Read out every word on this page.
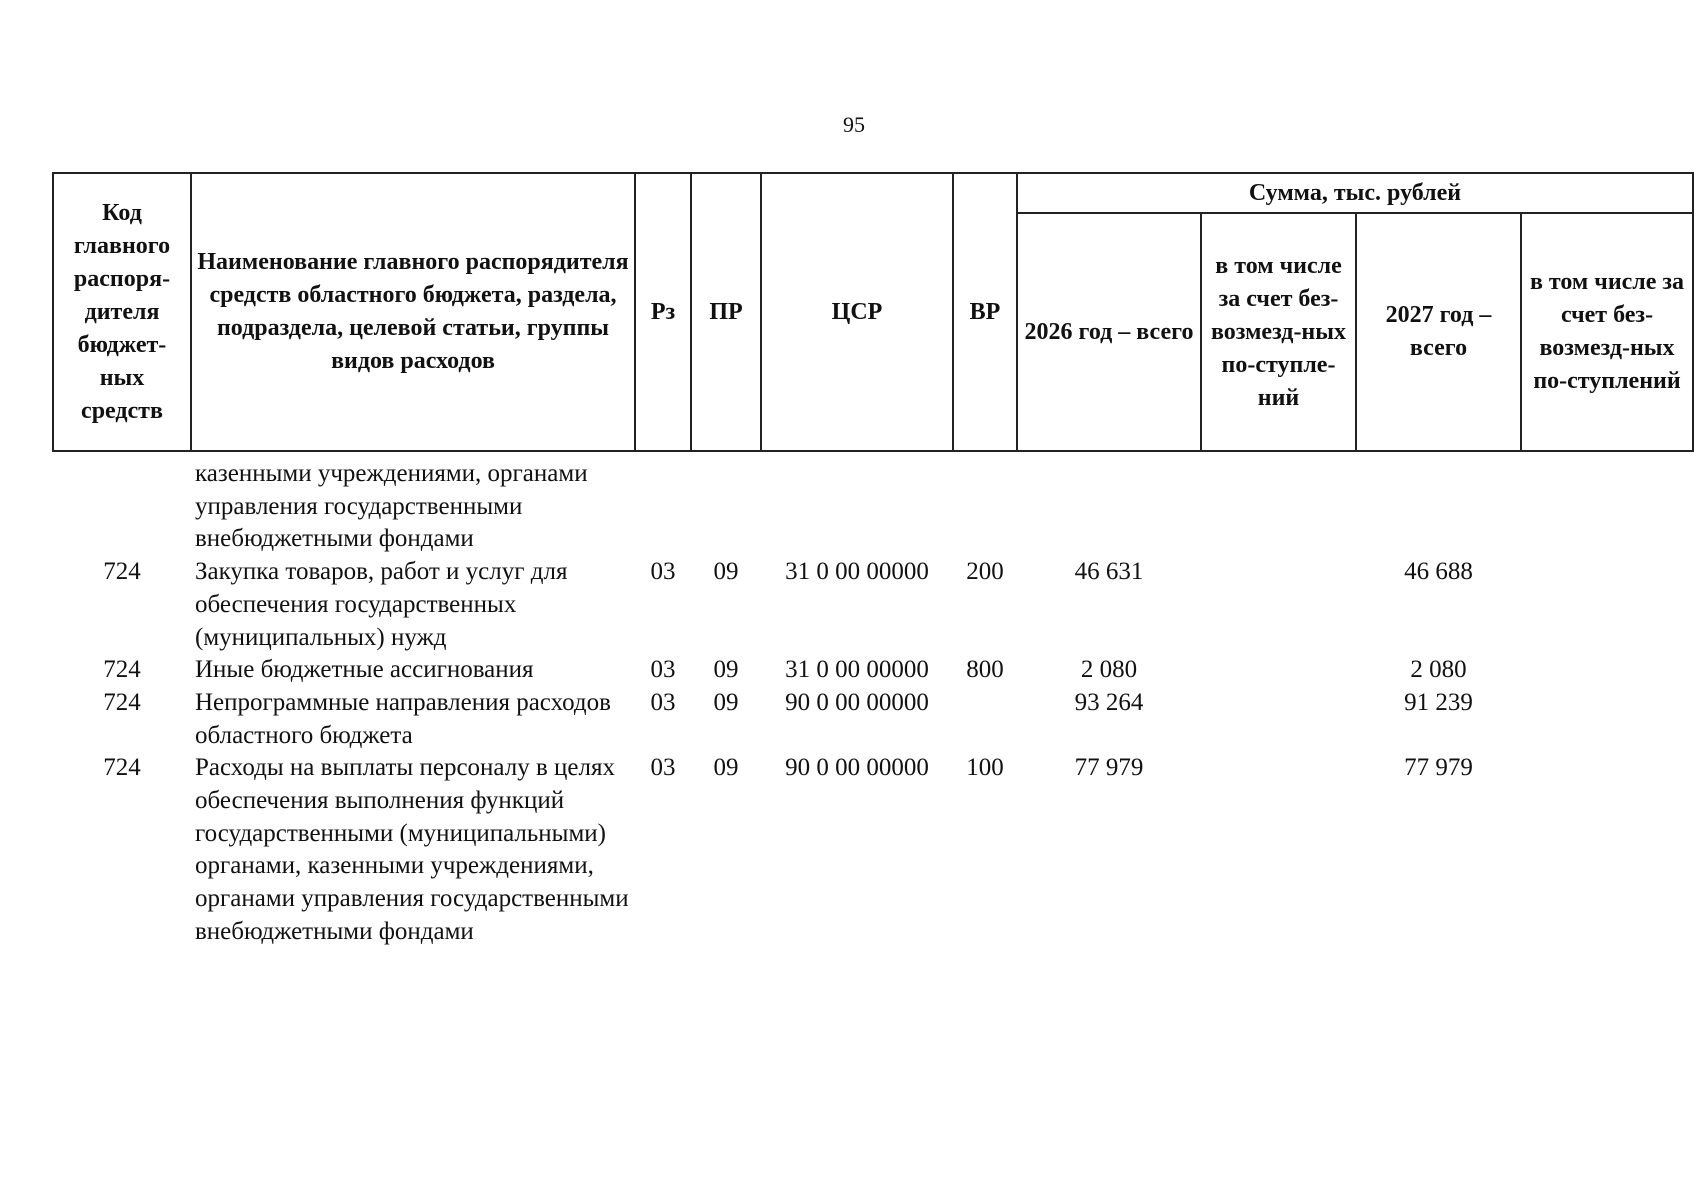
95
Код главного распоря-дителя бюджет-ных средств	Наименование главного распорядителя средств областного бюджета, раздела, подраздела, целевой статьи, группы видов расходов	Рз	ПР	ЦСР	ВР	Сумма, тыс. рублей			
						2026 год – всего	в том числе за счет без-возмезд-ных по-ступле-ний	2027 год – всего	в том числе за счет без-возмезд-ных по-ступлений
	казенными учреждениями, органами управления государственными внебюджетными фондами								
724	Закупка товаров, работ и услуг для обеспечения государственных (муниципальных) нужд	03	09	31 0 00 00000	200	46 631		46 688	
724	Иные бюджетные ассигнования	03	09	31 0 00 00000	800	2 080		2 080	
724	Непрограммные направления расходов областного бюджета	03	09	90 0 00 00000		93 264		91 239	
724	Расходы на выплаты персоналу в целях обеспечения выполнения функций государственными (муниципальными) органами, казенными учреждениями, органами управления государственными внебюджетными фондами	03	09	90 0 00 00000	100	77 979		77 979	
